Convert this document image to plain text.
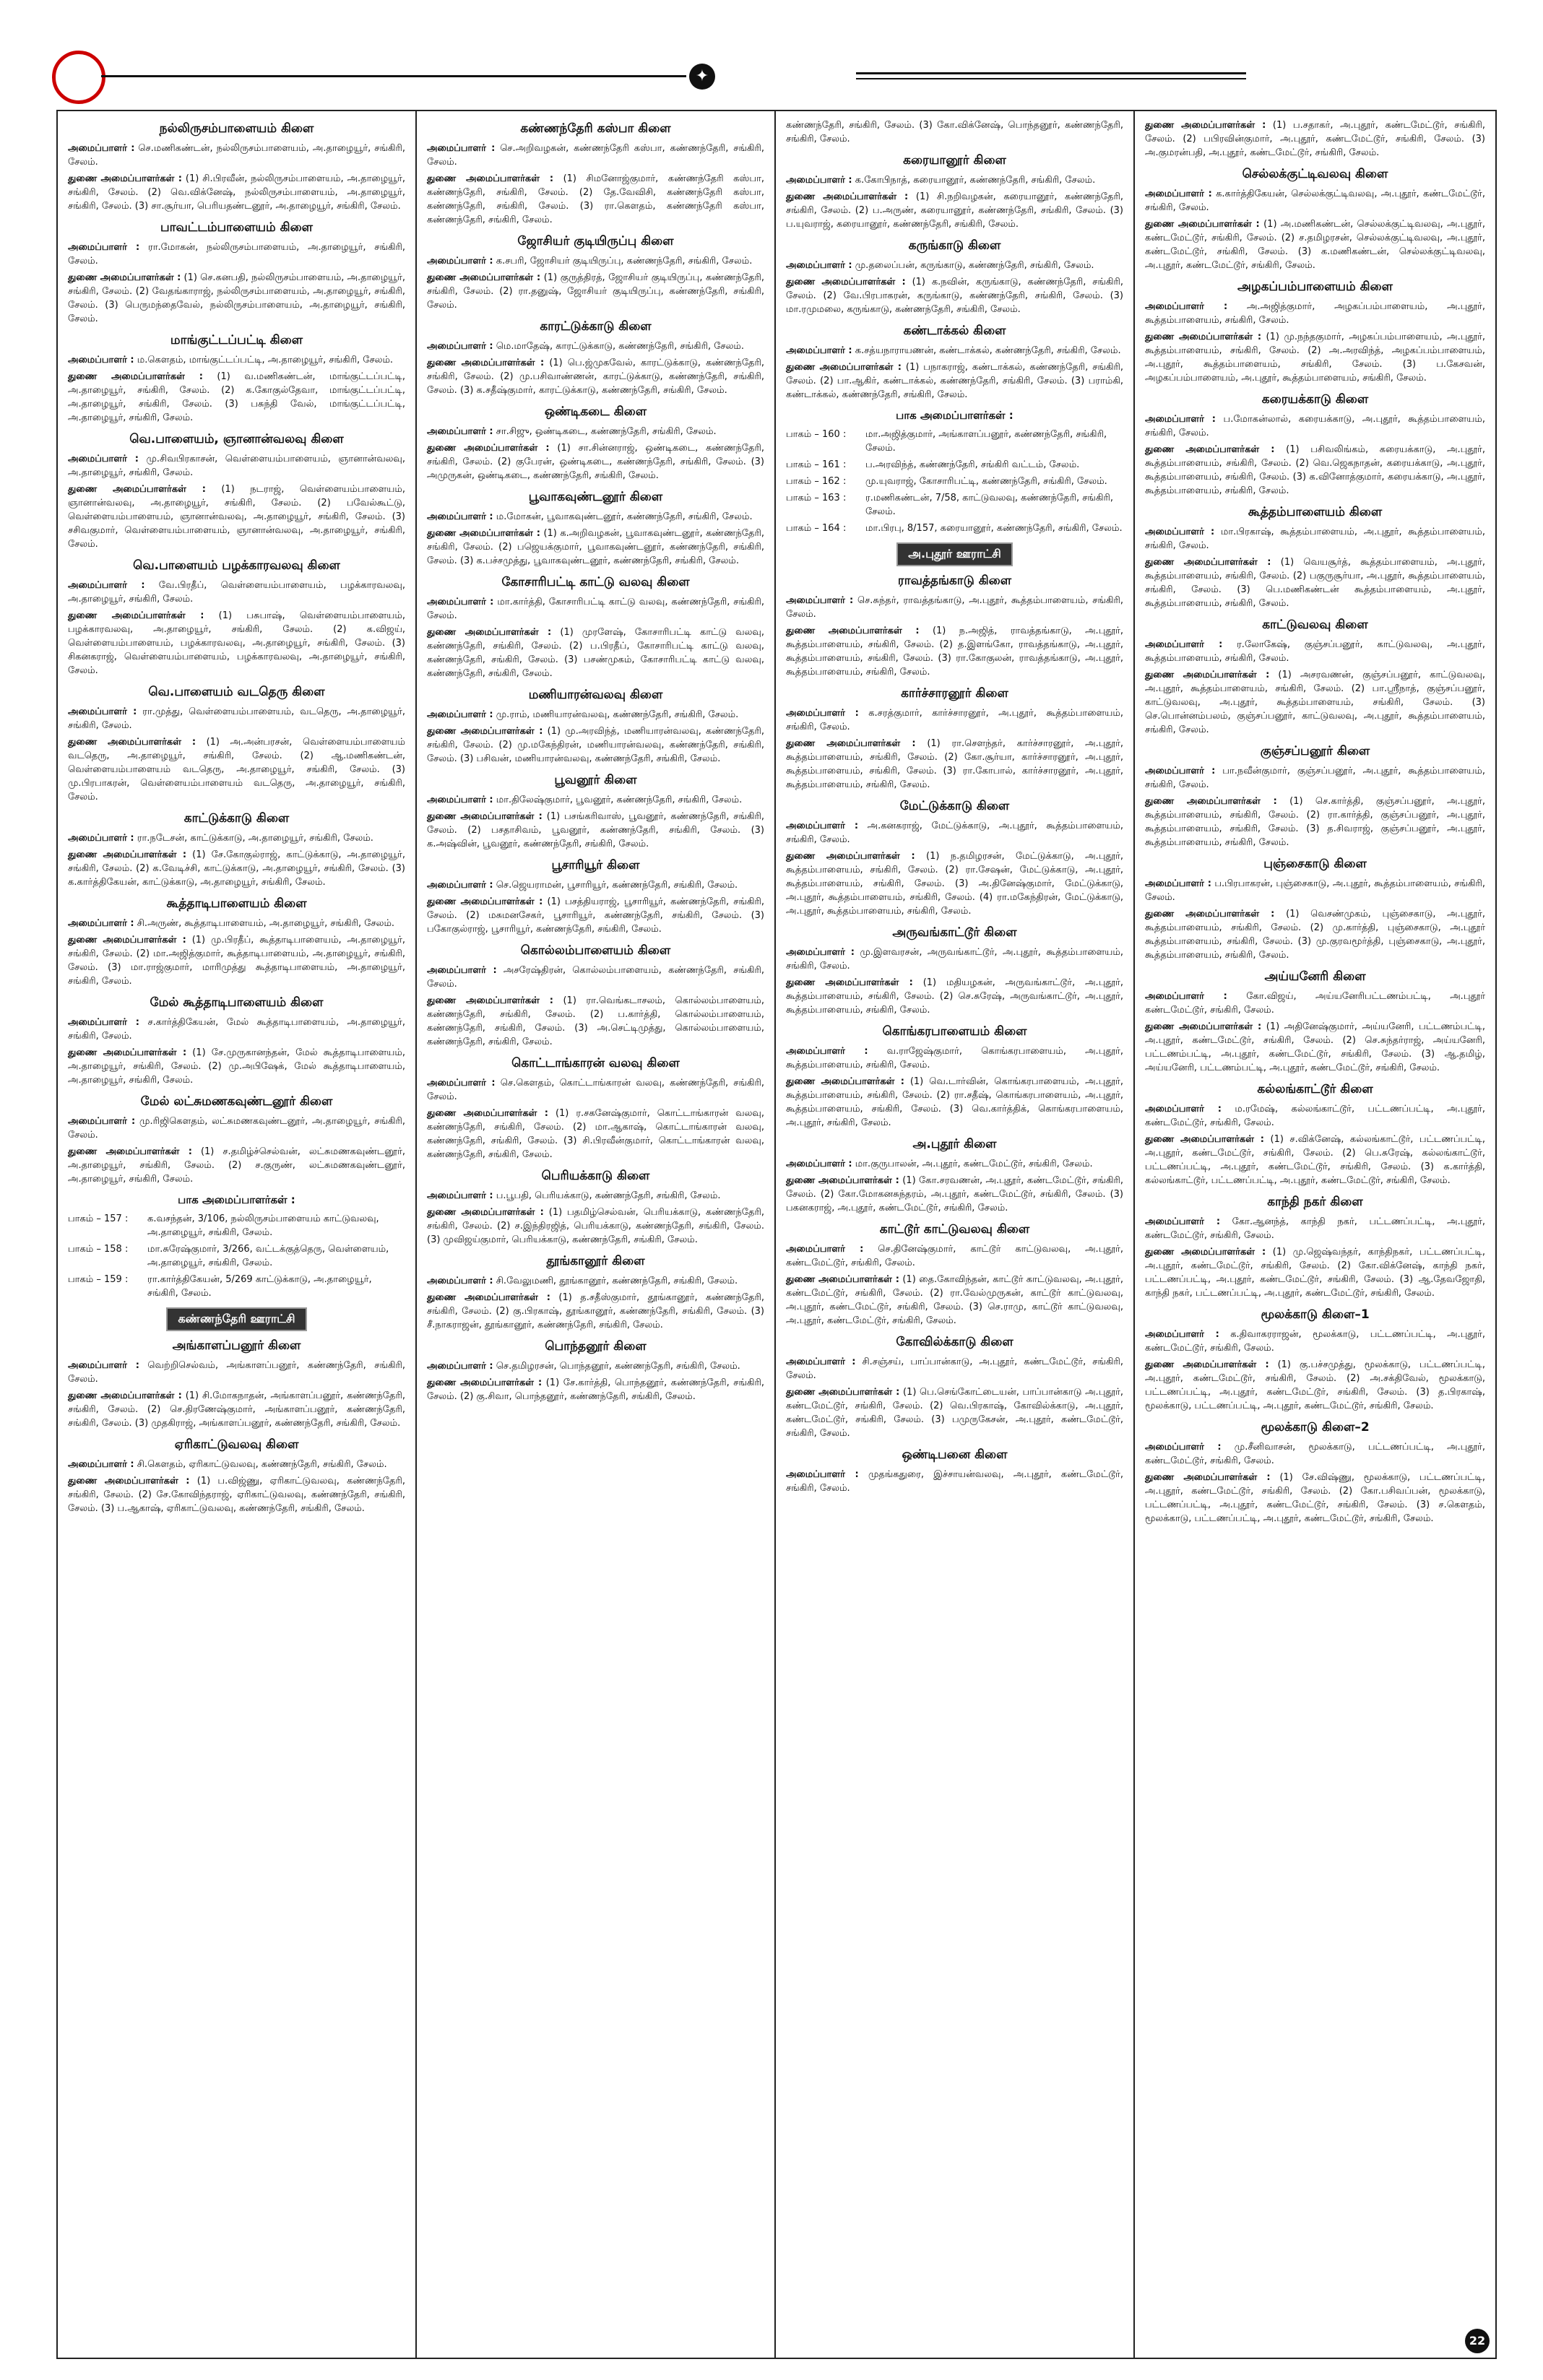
✦
நல்லிருசம்பாளையம் கிளை

அமைப்பாளர் : செ.மணிகண்டன், நல்லிருசம்பாளையம், அ.தாழையூர், சங்கிரி, சேலம்.

துணை அமைப்பாளர்கள் : (1) சி.பிரவீன், நல்லிருசம்பாளையம், அ.தாழையூர், சங்கிரி, சேலம். (2) வெ.விக்னேஷ், நல்லிருசம்பாளையம், அ.தாழையூர், சங்கிரி, சேலம். (3) சா.சூர்யா, பெரியதண்டனூர், அ.தாழையூர், சங்கிரி, சேலம்.

பாவட்டம்பாளையம் கிளை

அமைப்பாளர் : ரா.மோகன், நல்லிருசம்பாளையம், அ.தாழையூர், சங்கிரி, சேலம்.

துணை அமைப்பாளர்கள் : (1) செ.கனபதி, நல்லிருசம்பாளையம், அ.தாழையூர், சங்கிரி, சேலம். (2) வேதங்காராஜ், நல்லிருசம்பாளையம், அ.தாழையூர், சங்கிரி, சேலம். (3) பெருமந்தைவேல், நல்லிருசம்பாளையம், அ.தாழையூர், சங்கிரி, சேலம்.

மாங்குட்டப்பட்டி கிளை

அமைப்பாளர் : ம.கௌதம், மாங்குட்டப்பட்டி, அ.தாழையூர், சங்கிரி, சேலம்.

துணை அமைப்பாளர்கள் : (1) வ.மணிகண்டன், மாங்குட்டப்பட்டி, அ.தாழையூர், சங்கிரி, சேலம். (2) க.கோகுல்தேவா, மாங்குட்டப்பட்டி, அ.தாழையூர், சங்கிரி, சேலம். (3) பசுந்தி வேல், மாங்குட்டப்பட்டி, அ.தாழையூர், சங்கிரி, சேலம்.

வெ.பாளையம், ஞானான்வலவு கிளை

அமைப்பாளர் : மு.சிவபிரகாசன், வெள்ளையம்பாளையம், ஞானான்வலவு, அ.தாழையூர், சங்கிரி, சேலம்.

துணை அமைப்பாளர்கள் : (1) நடராஜ், வெள்ளையம்பாளையம், ஞானான்வலவு, அ.தாழையூர், சங்கிரி, சேலம். (2) பவேல்கூட்டு, வெள்ளையம்பாளையம், ஞானான்வலவு, அ.தாழையூர், சங்கிரி, சேலம். (3) சசிவகுமார், வெள்ளையம்பாளையம், ஞானான்வலவு, அ.தாழையூர், சங்கிரி, சேலம்.

வெ.பாளையம் பழக்காரவலவு கிளை

அமைப்பாளர் : வே.பிரதீப், வெள்ளையம்பாளையம், பழக்காரவலவு, அ.தாழையூர், சங்கிரி, சேலம்.

துணை அமைப்பாளர்கள் : (1) பசுபாஷ், வெள்ளையம்பாளையம், பழக்காரவலவு, அ.தாழையூர், சங்கிரி, சேலம். (2) க.விஜய், வெள்ளையம்பாளையம், பழக்காரவலவு, அ.தாழையூர், சங்கிரி, சேலம். (3) சிகனகராஜ், வெள்ளையம்பாளையம், பழக்காரவலவு, அ.தாழையூர், சங்கிரி, சேலம்.

வெ.பாளையம் வடதெரு கிளை

அமைப்பாளர் : ரா.முத்து, வெள்ளையம்பாளையம், வடதெரு, அ.தாழையூர், சங்கிரி, சேலம்.

துணை அமைப்பாளர்கள் : (1) அ.அன்பரசன், வெள்ளையம்பாளையம் வடதெரு, அ.தாழையூர், சங்கிரி, சேலம். (2) ஆ.மணிகண்டன், வெள்ளையம்பாளையம் வடதெரு, அ.தாழையூர், சங்கிரி, சேலம். (3) மு.பிரபாகரன், வெள்ளையம்பாளையம் வடதெரு, அ.தாழையூர், சங்கிரி, சேலம்.

காட்டுக்காடு கிளை

அமைப்பாளர் : ரா.நடேசன், காட்டுக்காடு, அ.தாழையூர், சங்கிரி, சேலம்.

துணை அமைப்பாளர்கள் : (1) சே.கோகுல்ராஜ், காட்டுக்காடு, அ.தாழையூர், சங்கிரி, சேலம். (2) க.வேடிச்சி, காட்டுக்காடு, அ.தாழையூர், சங்கிரி, சேலம். (3) க.கார்த்திகேயன், காட்டுக்காடு, அ.தாழையூர், சங்கிரி, சேலம்.

கூத்தாடிபாளையம் கிளை

அமைப்பாளர் : சி.அருண், கூத்தாடிபாளையம், அ.தாழையூர், சங்கிரி, சேலம்.

துணை அமைப்பாளர்கள் : (1) மு.பிரதீப், கூத்தாடிபாளையம், அ.தாழையூர், சங்கிரி, சேலம். (2) மா.அஜித்குமார், கூத்தாடிபாளையம், அ.தாழையூர், சங்கிரி, சேலம். (3) மா.ராஜ்குமார், மாரிமுத்து கூத்தாடிபாளையம், அ.தாழையூர், சங்கிரி, சேலம்.

மேல் கூத்தாடிபாளையம் கிளை

அமைப்பாளர் : ச.கார்த்திகேயன், மேல் கூத்தாடிபாளையம், அ.தாழையூர், சங்கிரி, சேலம்.

துணை அமைப்பாளர்கள் : (1) சே.முருகானந்தன், மேல் கூத்தாடிபாளையம், அ.தாழையூர், சங்கிரி, சேலம். (2) மு.அபிஷேக், மேல் கூத்தாடிபாளையம், அ.தாழையூர், சங்கிரி, சேலம்.

மேல் லட்சுமணகவுண்டனூர் கிளை

அமைப்பாளர் : மு.ரிஜிகௌதம், லட்சுமணகவுண்டனூர், அ.தாழையூர், சங்கிரி, சேலம்.

துணை அமைப்பாளர்கள் : (1) ச.தமிழ்ச்செல்வன், லட்சுமணகவுண்டனூர், அ.தாழையூர், சங்கிரி, சேலம். (2) ச.குருண், லட்சுமணகவுண்டனூர், அ.தாழையூர், சங்கிரி, சேலம்.

பாக அமைப்பாளர்கள் :
பாகம் – 157 :	க.வசந்தன், 3/106, நல்லிருசம்பாளையம் காட்டுவலவு, அ.தாழையூர், சங்கிரி, சேலம்.
பாகம் – 158 :	மா.சுரேஷ்குமார், 3/266, வட்டக்குத்தெரு, வெள்ளையம், அ.தாழையூர், சங்கிரி, சேலம்.
பாகம் – 159 :	ரா.கார்த்திகேயன், 5/269 காட்டுக்காடு, அ.தாழையூர், சங்கிரி, சேலம்.
கண்ணந்தேரி ஊராட்சி
அங்காளப்பனூர் கிளை

அமைப்பாளர் : வெற்றிசெல்வம், அங்காளப்பனூர், கண்ணந்தேரி, சங்கிரி, சேலம்.

துணை அமைப்பாளர்கள் : (1) சி.மோகநாதன், அங்காளப்பனூர், கண்ணந்தேரி, சங்கிரி, சேலம். (2) செ.திரணேஷ்குமார், அங்காளப்பனூர், கண்ணந்தேரி, சங்கிரி, சேலம். (3) முதகிராஜ், அங்காளப்பனூர், கண்ணந்தேரி, சங்கிரி, சேலம்.

ஏரிகாட்டுவலவு கிளை

அமைப்பாளர் : சி.கௌதம், ஏரிகாட்டுவலவு, கண்ணந்தேரி, சங்கிரி, சேலம்.

துணை அமைப்பாளர்கள் : (1) ப.விஜ்ணு, ஏரிகாட்டுவலவு, கண்ணந்தேரி, சங்கிரி, சேலம். (2) சே.கோவிந்தராஜ், ஏரிகாட்டுவலவு, கண்ணந்தேரி, சங்கிரி, சேலம். (3) ப.ஆகாஷ், ஏரிகாட்டுவலவு, கண்ணந்தேரி, சங்கிரி, சேலம்.

கண்ணந்தேரி கஸ்பா கிளை

அமைப்பாளர் : செ.அறிவழகன், கண்ணந்தேரி கஸ்பா, கண்ணந்தேரி, சங்கிரி, சேலம்.

துணை அமைப்பாளர்கள் : (1) சிமனோஜ்குமார், கண்ணந்தேரி கஸ்பா, கண்ணந்தேரி, சங்கிரி, சேலம். (2) தே.வேவிசி, கண்ணந்தேரி கஸ்பா, கண்ணந்தேரி, சங்கிரி, சேலம். (3) ரா.கௌதம், கண்ணந்தேரி கஸ்பா, கண்ணந்தேரி, சங்கிரி, சேலம்.

ஜோசியர் குடியிருப்பு கிளை

அமைப்பாளர் : க.சபரி, ஜோசியர் குடியிருப்பு, கண்ணந்தேரி, சங்கிரி, சேலம்.

துணை அமைப்பாளர்கள் : (1) குருத்திரத், ஜோசியர் குடியிருப்பு, கண்ணந்தேரி, சங்கிரி, சேலம். (2) ரா.தனுஷ், ஜோசியர் குடியிருப்பு, கண்ணந்தேரி, சங்கிரி, சேலம்.

காரட்டுக்காடு கிளை

அமைப்பாளர் : மெ.மாதேஷ், காரட்டுக்காடு, கண்ணந்தேரி, சங்கிரி, சேலம்.

துணை அமைப்பாளர்கள் : (1) பெ.ஜ்முகவேல், காரட்டுக்காடு, கண்ணந்தேரி, சங்கிரி, சேலம். (2) மு.பசிவாண்ணன், காரட்டுக்காடு, கண்ணந்தேரி, சங்கிரி, சேலம். (3) க.சதீஷ்குமார், காரட்டுக்காடு, கண்ணந்தேரி, சங்கிரி, சேலம்.

ஒண்டிகடை கிளை

அமைப்பாளர் : சா.சிஜு, ஒண்டிகடை, கண்ணந்தேரி, சங்கிரி, சேலம்.

துணை அமைப்பாளர்கள் : (1) சா.சின்னராஜ், ஒண்டிகடை, கண்ணந்தேரி, சங்கிரி, சேலம். (2) குபேரன், ஒண்டிகடை, கண்ணந்தேரி, சங்கிரி, சேலம். (3) அமுருகன், ஒண்டிகடை, கண்ணந்தேரி, சங்கிரி, சேலம்.

பூவாகவுண்டனூர் கிளை

அமைப்பாளர் : ம.மோகன், பூவாகவுண்டனூர், கண்ணந்தேரி, சங்கிரி, சேலம்.

துணை அமைப்பாளர்கள் : (1) க.அறிவழகன், பூவாகவுண்டனூர், கண்ணந்தேரி, சங்கிரி, சேலம். (2) பஜெயக்குமார், பூவாகவுண்டனூர், கண்ணந்தேரி, சங்கிரி, சேலம். (3) க.பச்சமுத்து, பூவாகவுண்டனூர், கண்ணந்தேரி, சங்கிரி, சேலம்.

கோசாரிபட்டி காட்டு வலவு கிளை

அமைப்பாளர் : மா.கார்த்தி, கோசாரிபட்டி காட்டு வலவு, கண்ணந்தேரி, சங்கிரி, சேலம்.

துணை அமைப்பாளர்கள் : (1) முரளேஷ், கோசாரிபட்டி காட்டு வலவு, கண்ணந்தேரி, சங்கிரி, சேலம். (2) ப.பிரதீப், கோசாரிபட்டி காட்டு வலவு, கண்ணந்தேரி, சங்கிரி, சேலம். (3) பசண்முகம், கோசாரிபட்டி காட்டு வலவு, கண்ணந்தேரி, சங்கிரி, சேலம்.

மணியாரன்வலவு கிளை

அமைப்பாளர் : மு.ராம், மணியாரன்வலவு, கண்ணந்தேரி, சங்கிரி, சேலம்.

துணை அமைப்பாளர்கள் : (1) மு.அரவிந்த், மணியாரன்வலவு, கண்ணந்தேரி, சங்கிரி, சேலம். (2) மு.மகேந்திரன், மணியாரன்வலவு, கண்ணந்தேரி, சங்கிரி, சேலம். (3) பசிவன், மணியாரன்வலவு, கண்ணந்தேரி, சங்கிரி, சேலம்.

பூவனூர் கிளை

அமைப்பாளர் : மா.திலேஷ்குமார், பூவனூர், கண்ணந்தேரி, சங்கிரி, சேலம்.

துணை அமைப்பாளர்கள் : (1) பசங்கரிவாஸ், பூவனூர், கண்ணந்தேரி, சங்கிரி, சேலம். (2) பசதாசிவம், பூவனூர், கண்ணந்தேரி, சங்கிரி, சேலம். (3) க.அஷ்வின், பூவனூர், கண்ணந்தேரி, சங்கிரி, சேலம்.

பூசாரியூர் கிளை

அமைப்பாளர் : செ.ஜெயராமன், பூசாரியூர், கண்ணந்தேரி, சங்கிரி, சேலம்.

துணை அமைப்பாளர்கள் : (1) பசத்தியராஜ், பூசாரியூர், கண்ணந்தேரி, சங்கிரி, சேலம். (2) மசுமனசேகர், பூசாரியூர், கண்ணந்தேரி, சங்கிரி, சேலம். (3) பகோகுல்ராஜ், பூசாரியூர், கண்ணந்தேரி, சங்கிரி, சேலம்.

கொல்லம்பாளையம் கிளை

அமைப்பாளர் : அசரேஷ்திரன், கொல்லம்பாளையம், கண்ணந்தேரி, சங்கிரி, சேலம்.

துணை அமைப்பாளர்கள் : (1) ரா.வெங்கடாசலம், கொல்லம்பாளையம், கண்ணந்தேரி, சங்கிரி, சேலம். (2) ப.கார்த்தி, கொல்லம்பாளையம், கண்ணந்தேரி, சங்கிரி, சேலம். (3) அ.செட்டிமுத்து, கொல்லம்பாளையம், கண்ணந்தேரி, சங்கிரி, சேலம்.

கொட்டாங்காரன் வலவு கிளை

அமைப்பாளர் : செ.கௌதம், கொட்டாங்காரன் வலவு, கண்ணந்தேரி, சங்கிரி, சேலம்.

துணை அமைப்பாளர்கள் : (1) ர.சகனேஷ்குமார், கொட்டாங்காரன் வலவு, கண்ணந்தேரி, சங்கிரி, சேலம். (2) மா.ஆகாஷ், கொட்டாங்காரன் வலவு, கண்ணந்தேரி, சங்கிரி, சேலம். (3) சி.பிரவீன்குமார், கொட்டாங்காரன் வலவு, கண்ணந்தேரி, சங்கிரி, சேலம்.

பெரியக்காடு கிளை

அமைப்பாளர் : ப.பூபதி, பெரியக்காடு, கண்ணந்தேரி, சங்கிரி, சேலம்.

துணை அமைப்பாளர்கள் : (1) பதமிழ்செல்வன், பெரியக்காடு, கண்ணந்தேரி, சங்கிரி, சேலம். (2) ச.இந்திரஜித், பெரியக்காடு, கண்ணந்தேரி, சங்கிரி, சேலம். (3) முவிஜய்குமார், பெரியக்காடு, கண்ணந்தேரி, சங்கிரி, சேலம்.

தூங்கானூர் கிளை

அமைப்பாளர் : சி.வேலுமணி, தூங்கானூர், கண்ணந்தேரி, சங்கிரி, சேலம்.

துணை அமைப்பாளர்கள் : (1) த.சதீஸ்குமார், தூங்கானூர், கண்ணந்தேரி, சங்கிரி, சேலம். (2) கு.பிரகாஷ், தூங்கானூர், கண்ணந்தேரி, சங்கிரி, சேலம். (3) சீ.நாகராஜன், தூங்கானூர், கண்ணந்தேரி, சங்கிரி, சேலம்.

பொந்தனூர் கிளை

அமைப்பாளர் : செ.தமிழரசன், பொந்தனூர், கண்ணந்தேரி, சங்கிரி, சேலம்.

துணை அமைப்பாளர்கள் : (1) சே.கார்த்தி, பொந்தனூர், கண்ணந்தேரி, சங்கிரி, சேலம். (2) கு.சிவா, பொந்தனூர், கண்ணந்தேரி, சங்கிரி, சேலம்.

கண்ணந்தேரி, சங்கிரி, சேலம். (3) கோ.விக்னேஷ், பொந்தனூர், கண்ணந்தேரி, சங்கிரி, சேலம்.

கரையானூர் கிளை

அமைப்பாளர் : க.கோபிநாத், கரையானூர், கண்ணந்தேரி, சங்கிரி, சேலம்.

துணை அமைப்பாளர்கள் : (1) சி.நறிவழகன், கரையானூர், கண்ணந்தேரி, சங்கிரி, சேலம். (2) ப.அருண், கரையானூர், கண்ணந்தேரி, சங்கிரி, சேலம். (3) ப.யுவராஜ், கரையானூர், கண்ணந்தேரி, சங்கிரி, சேலம்.

கருங்காடு கிளை

அமைப்பாளர் : மு.தலைப்பன், கருங்காடு, கண்ணந்தேரி, சங்கிரி, சேலம்.

துணை அமைப்பாளர்கள் : (1) க.நவின், கருங்காடு, கண்ணந்தேரி, சங்கிரி, சேலம். (2) வே.பிரபாகரன், கருங்காடு, கண்ணந்தேரி, சங்கிரி, சேலம். (3) மா.ரமுமலை, கருங்காடு, கண்ணந்தேரி, சங்கிரி, சேலம்.

கண்டாக்கல் கிளை

அமைப்பாளர் : க.சத்யநாராயணன், கண்டாக்கல், கண்ணந்தேரி, சங்கிரி, சேலம்.

துணை அமைப்பாளர்கள் : (1) பநாகராஜ், கண்டாக்கல், கண்ணந்தேரி, சங்கிரி, சேலம். (2) பா.ஆகிர், கண்டாக்கல், கண்ணந்தேரி, சங்கிரி, சேலம். (3) பராம்கி, கண்டாக்கல், கண்ணந்தேரி, சங்கிரி, சேலம்.

பாக அமைப்பாளர்கள் :
பாகம் – 160 :	மா.அஜித்குமார், அங்காளப்பனூர், கண்ணந்தேரி, சங்கிரி, சேலம்.
பாகம் – 161 :	ப.அரவிந்த், கண்ணந்தேரி, சங்கிரி வட்டம், சேலம்.
பாகம் – 162 :	மு.யுவராஜ், கோசாரிபட்டி, கண்ணந்தேரி, சங்கிரி, சேலம்.
பாகம் – 163 :	ர.மணிகண்டன், 7/58, காட்டுவலவு, கண்ணந்தேரி, சங்கிரி, சேலம்.
பாகம் – 164 :	மா.பிரபு, 8/157, கரையானூர், கண்ணந்தேரி, சங்கிரி, சேலம்.
அ.புதூர் ஊராட்சி
ராவத்தங்காடு கிளை

அமைப்பாளர் : செ.சுந்தர், ராவத்தங்காடு, அ.புதூர், கூத்தம்பாளையம், சங்கிரி, சேலம்.

துணை அமைப்பாளர்கள் : (1) ந.அஜித், ராவத்தங்காடு, அ.புதூர், கூத்தம்பாளையம், சங்கிரி, சேலம். (2) த.இளங்கோ, ராவத்தங்காடு, அ.புதூர், கூத்தம்பாளையம், சங்கிரி, சேலம். (3) ரா.கோகுலன், ராவத்தங்காடு, அ.புதூர், கூத்தம்பாளையம், சங்கிரி, சேலம்.

கார்ச்சாரனூர் கிளை

அமைப்பாளர் : க.சரத்குமார், கார்ச்சாரனூர், அ.புதூர், கூத்தம்பாளையம், சங்கிரி, சேலம்.

துணை அமைப்பாளர்கள் : (1) ரா.செளந்தர், கார்ச்சாரனூர், அ.புதூர், கூத்தம்பாளையம், சங்கிரி, சேலம். (2) கோ.சூர்யா, கார்ச்சாரனூர், அ.புதூர், கூத்தம்பாளையம், சங்கிரி, சேலம். (3) ரா.கோபால், கார்ச்சாரனூர், அ.புதூர், கூத்தம்பாளையம், சங்கிரி, சேலம்.

மேட்டுக்காடு கிளை

அமைப்பாளர் : அ.கனகராஜ், மேட்டுக்காடு, அ.புதூர், கூத்தம்பாளையம், சங்கிரி, சேலம்.

துணை அமைப்பாளர்கள் : (1) ந.தமிழரசன், மேட்டுக்காடு, அ.புதூர், கூத்தம்பாளையம், சங்கிரி, சேலம். (2) ரா.சேஷன், மேட்டுக்காடு, அ.புதூர், கூத்தம்பாளையம், சங்கிரி, சேலம். (3) அ.தினேஷ்குமார், மேட்டுக்காடு, அ.புதூர், கூத்தம்பாளையம், சங்கிரி, சேலம். (4) ரா.மகேந்திரன், மேட்டுக்காடு, அ.புதூர், கூத்தம்பாளையம், சங்கிரி, சேலம்.

அருவங்காட்டூர் கிளை

அமைப்பாளர் : மு.இளவரசன், அருவங்காட்டூர், அ.புதூர், கூத்தம்பாளையம், சங்கிரி, சேலம்.

துணை அமைப்பாளர்கள் : (1) மதியழகன், அருவங்காட்டூர், அ.புதூர், கூத்தம்பாளையம், சங்கிரி, சேலம். (2) செ.சுரேஷ், அருவங்காட்டூர், அ.புதூர், கூத்தம்பாளையம், சங்கிரி, சேலம்.

கொங்கரபாளையம் கிளை

அமைப்பாளர் : வ.ராஜேஷ்குமார், கொங்கரபாளையம், அ.புதூர், கூத்தம்பாளையம், சங்கிரி, சேலம்.

துணை அமைப்பாளர்கள் : (1) வெ.டார்வின், கொங்கரபாளையம், அ.புதூர், கூத்தம்பாளையம், சங்கிரி, சேலம். (2) ரா.சதீஷ், கொங்கரபாளையம், அ.புதூர், கூத்தம்பாளையம், சங்கிரி, சேலம். (3) வெ.கார்த்திக், கொங்கரபாளையம், அ.புதூர், சங்கிரி, சேலம்.

அ.புதூர் கிளை

அமைப்பாளர் : மா.குருபாலன், அ.புதூர், கண்டமேட்டூர், சங்கிரி, சேலம்.

துணை அமைப்பாளர்கள் : (1) கோ.சரவணன், அ.புதூர், கண்டமேட்டூர், சங்கிரி, சேலம். (2) கோ.மோகனசுந்தரம், அ.புதூர், கண்டமேட்டூர், சங்கிரி, சேலம். (3) பகனகராஜ், அ.புதூர், கண்டமேட்டூர், சங்கிரி, சேலம்.

காட்டூர் காட்டுவலவு கிளை

அமைப்பாளர் : செ.தினேஷ்குமார், காட்டூர் காட்டுவலவு, அ.புதூர், கண்டமேட்டூர், சங்கிரி, சேலம்.

துணை அமைப்பாளர்கள் : (1) தை.கோவிந்தன், காட்டூர் காட்டுவலவு, அ.புதூர், கண்டமேட்டூர், சங்கிரி, சேலம். (2) ரா.வேல்முருகன், காட்டூர் காட்டுவலவு, அ.புதூர், கண்டமேட்டூர், சங்கிரி, சேலம். (3) செ.ராமு, காட்டூர் காட்டுவலவு, அ.புதூர், கண்டமேட்டூர், சங்கிரி, சேலம்.

கோவில்க்காடு கிளை

அமைப்பாளர் : சி.சஞ்சய், பாப்பான்காடு, அ.புதூர், கண்டமேட்டூர், சங்கிரி, சேலம்.

துணை அமைப்பாளர்கள் : (1) பெ.செங்கோட்டையன், பாப்பான்காடு அ.புதூர், கண்டமேட்டூர், சங்கிரி, சேலம். (2) வெ.பிரகாஷ், கோவில்க்காடு, அ.புதூர், கண்டமேட்டூர், சங்கிரி, சேலம். (3) பமுருகேசன், அ.புதூர், கண்டமேட்டூர், சங்கிரி, சேலம்.

ஒண்டிபனை கிளை

அமைப்பாளர் : முதங்கதுரை, இச்சாயன்வலவு, அ.புதூர், கண்டமேட்டூர், சங்கிரி, சேலம்.

துணை அமைப்பாளர்கள் : (1) ப.சதாகர், அ.புதூர், கண்டமேட்டூர், சங்கிரி, சேலம். (2) பபிரவின்குமார், அ.புதூர், கண்டமேட்டூர், சங்கிரி, சேலம். (3) அ.குமரன்பதி, அ.புதூர், கண்டமேட்டூர், சங்கிரி, சேலம்.

செல்லக்குட்டிவலவு கிளை

அமைப்பாளர் : க.கார்த்திகேயன், செல்லக்குட்டிவலவு, அ.புதூர், கண்டமேட்டூர், சங்கிரி, சேலம்.

துணை அமைப்பாளர்கள் : (1) அ.மணிகண்டன், செல்லக்குட்டிவலவு, அ.புதூர், கண்டமேட்டூர், சங்கிரி, சேலம். (2) ச.தமிழரசன், செல்லக்குட்டிவலவு, அ.புதூர், கண்டமேட்டூர், சங்கிரி, சேலம். (3) க.மணிகண்டன், செல்லக்குட்டிவலவு, அ.புதூர், கண்டமேட்டூர், சங்கிரி, சேலம்.

அழகப்பம்பாளையம் கிளை

அமைப்பாளர் : அ.அஜித்குமார், அழகப்பம்பாளையம், அ.புதூர், கூத்தம்பாளையம், சங்கிரி, சேலம்.

துணை அமைப்பாளர்கள் : (1) மு.நந்தகுமார், அழகப்பம்பாளையம், அ.புதூர், கூத்தம்பாளையம், சங்கிரி, சேலம். (2) அ.அரவிந்த், அழகப்பம்பாளையம், அ.புதூர், கூத்தம்பாளையம், சங்கிரி, சேலம். (3) ப.கேசவன், அழகப்பம்பாளையம், அ.புதூர், கூத்தம்பாளையம், சங்கிரி, சேலம்.

கரையக்காடு கிளை

அமைப்பாளர் : ப.மோகன்லால், கரையக்காடு, அ.புதூர், கூத்தம்பாளையம், சங்கிரி, சேலம்.

துணை அமைப்பாளர்கள் : (1) பசிவலிங்கம், கரையக்காடு, அ.புதூர், கூத்தம்பாளையம், சங்கிரி, சேலம். (2) வெ.ஜெகநாதன், கரையக்காடு, அ.புதூர், கூத்தம்பாளையம், சங்கிரி, சேலம். (3) க.வினோத்குமார், கரையக்காடு, அ.புதூர், கூத்தம்பாளையம், சங்கிரி, சேலம்.

கூத்தம்பாளையம் கிளை

அமைப்பாளர் : மா.பிரகாஷ், கூத்தம்பாளையம், அ.புதூர், கூத்தம்பாளையம், சங்கிரி, சேலம்.

துணை அமைப்பாளர்கள் : (1) வெயசூர்த், கூத்தம்பாளையம், அ.புதூர், கூத்தம்பாளையம், சங்கிரி, சேலம். (2) பகுருசூர்யா, அ.புதூர், கூத்தம்பாளையம், சங்கிரி, சேலம். (3) பெ.மணிகண்டன் கூத்தம்பாளையம், அ.புதூர், கூத்தம்பாளையம், சங்கிரி, சேலம்.

காட்டுவலவு கிளை

அமைப்பாளர் : ர.லோகேஷ், குஞ்சப்பனூர், காட்டுவலவு, அ.புதூர், கூத்தம்பாளையம், சங்கிரி, சேலம்.

துணை அமைப்பாளர்கள் : (1) அசரவணன், குஞ்சப்பனூர், காட்டுவலவு, அ.புதூர், கூத்தம்பாளையம், சங்கிரி, சேலம். (2) பா.ஸ்ரீநாத், குஞ்சப்பனூர், காட்டுவலவு, அ.புதூர், கூத்தம்பாளையம், சங்கிரி, சேலம். (3) செ.பொன்னம்பலம், குஞ்சப்பனூர், காட்டுவலவு, அ.புதூர், கூத்தம்பாளையம், சங்கிரி, சேலம்.

குஞ்சப்பனூர் கிளை

அமைப்பாளர் : பா.நவீன்குமார், குஞ்சப்பனூர், அ.புதூர், கூத்தம்பாளையம், சங்கிரி, சேலம்.

துணை அமைப்பாளர்கள் : (1) செ.கார்த்தி, குஞ்சப்பனூர், அ.புதூர், கூத்தம்பாளையம், சங்கிரி, சேலம். (2) ரா.கார்த்தி, குஞ்சப்பனூர், அ.புதூர், கூத்தம்பாளையம், சங்கிரி, சேலம். (3) த.சிவராஜ், குஞ்சப்பனூர், அ.புதூர், கூத்தம்பாளையம், சங்கிரி, சேலம்.

புஞ்சைகாடு கிளை

அமைப்பாளர் : ப.பிரபாகரன், புஞ்சைகாடு, அ.புதூர், கூத்தம்பாளையம், சங்கிரி, சேலம்.

துணை அமைப்பாளர்கள் : (1) வெசண்முகம், புஞ்சைகாடு, அ.புதூர், கூத்தம்பாளையம், சங்கிரி, சேலம். (2) மு.கார்த்தி, புஞ்சைகாடு, அ.புதூர் கூத்தம்பாளையம், சங்கிரி, சேலம். (3) மு.குரவமூர்த்தி, புஞ்சைகாடு, அ.புதூர், கூத்தம்பாளையம், சங்கிரி, சேலம்.

அய்யனேரி கிளை

அமைப்பாளர் : கோ.விஜய், அய்யனேரிபட்டணம்பட்டி, அ.புதூர் கண்டமேட்டூர், சங்கிரி, சேலம்.

துணை அமைப்பாளர்கள் : (1) அதினேஷ்குமார், அய்யனேரி, பட்டணம்பட்டி, அ.புதூர், கண்டமேட்டூர், சங்கிரி, சேலம். (2) செ.சுந்தர்ராஜ், அய்யனேரி, பட்டணம்பட்டி, அ.புதூர், கண்டமேட்டூர், சங்கிரி, சேலம். (3) ஆ.தமிழ், அய்யனேரி, பட்டணம்பட்டி, அ.புதூர், கண்டமேட்டூர், சங்கிரி, சேலம்.

கல்லங்காட்டூர் கிளை

அமைப்பாளர் : ம.ரமேஷ், கல்லங்காட்டூர், பட்டணப்பட்டி, அ.புதூர், கண்டமேட்டூர், சங்கிரி, சேலம்.

துணை அமைப்பாளர்கள் : (1) ச.விக்னேஷ், கல்லங்காட்டூர், பட்டணப்பட்டி, அ.புதூர், கண்டமேட்டூர், சங்கிரி, சேலம். (2) பெ.சுரேஷ், கல்லங்காட்டூர், பட்டணப்பட்டி, அ.புதூர், கண்டமேட்டூர், சங்கிரி, சேலம். (3) க.கார்த்தி, கல்லங்காட்டூர், பட்டணப்பட்டி, அ.புதூர், கண்டமேட்டூர், சங்கிரி, சேலம்.

காந்தி நகர் கிளை

அமைப்பாளர் : கோ.ஆனந்த், காந்தி நகர், பட்டணப்பட்டி, அ.புதூர், கண்டமேட்டூர், சங்கிரி, சேலம்.

துணை அமைப்பாளர்கள் : (1) மு.ஜெஷ்வந்தர், காந்திநகர், பட்டணப்பட்டி, அ.புதூர், கண்டமேட்டூர், சங்கிரி, சேலம். (2) கோ.விக்னேஷ், காந்தி நகர், பட்டணப்பட்டி, அ.புதூர், கண்டமேட்டூர், சங்கிரி, சேலம். (3) ஆ.தேவஜோதி, காந்தி நகர், பட்டணப்பட்டி, அ.புதூர், கண்டமேட்டூர், சங்கிரி, சேலம்.

மூலக்காடு கிளை–1

அமைப்பாளர் : க.திவாகரராஜன், மூலக்காடு, பட்டணப்பட்டி, அ.புதூர், கண்டமேட்டூர், சங்கிரி, சேலம்.

துணை அமைப்பாளர்கள் : (1) கு.பச்சமுத்து, மூலக்காடு, பட்டணப்பட்டி, அ.புதூர், கண்டமேட்டூர், சங்கிரி, சேலம். (2) அ.சக்திவேல், மூலக்காடு, பட்டணப்பட்டி, அ.புதூர், கண்டமேட்டூர், சங்கிரி, சேலம். (3) த.பிரகாஷ், மூலக்காடு, பட்டணப்பட்டி, அ.புதூர், கண்டமேட்டூர், சங்கிரி, சேலம்.

மூலக்காடு கிளை–2

அமைப்பாளர் : மு.சீனிவாசன், மூலக்காடு, பட்டணப்பட்டி, அ.புதூர், கண்டமேட்டூர், சங்கிரி, சேலம்.

துணை அமைப்பாளர்கள் : (1) சே.விஷ்ணு, மூலக்காடு, பட்டணப்பட்டி, அ.புதூர், கண்டமேட்டூர், சங்கிரி, சேலம். (2) கோ.பசிவப்பன், மூலக்காடு, பட்டணப்பட்டி, அ.புதூர், கண்டமேட்டூர், சங்கிரி, சேலம். (3) ச.கௌதம், மூலக்காடு, பட்டணப்பட்டி, அ.புதூர், கண்டமேட்டூர், சங்கிரி, சேலம்.

22
